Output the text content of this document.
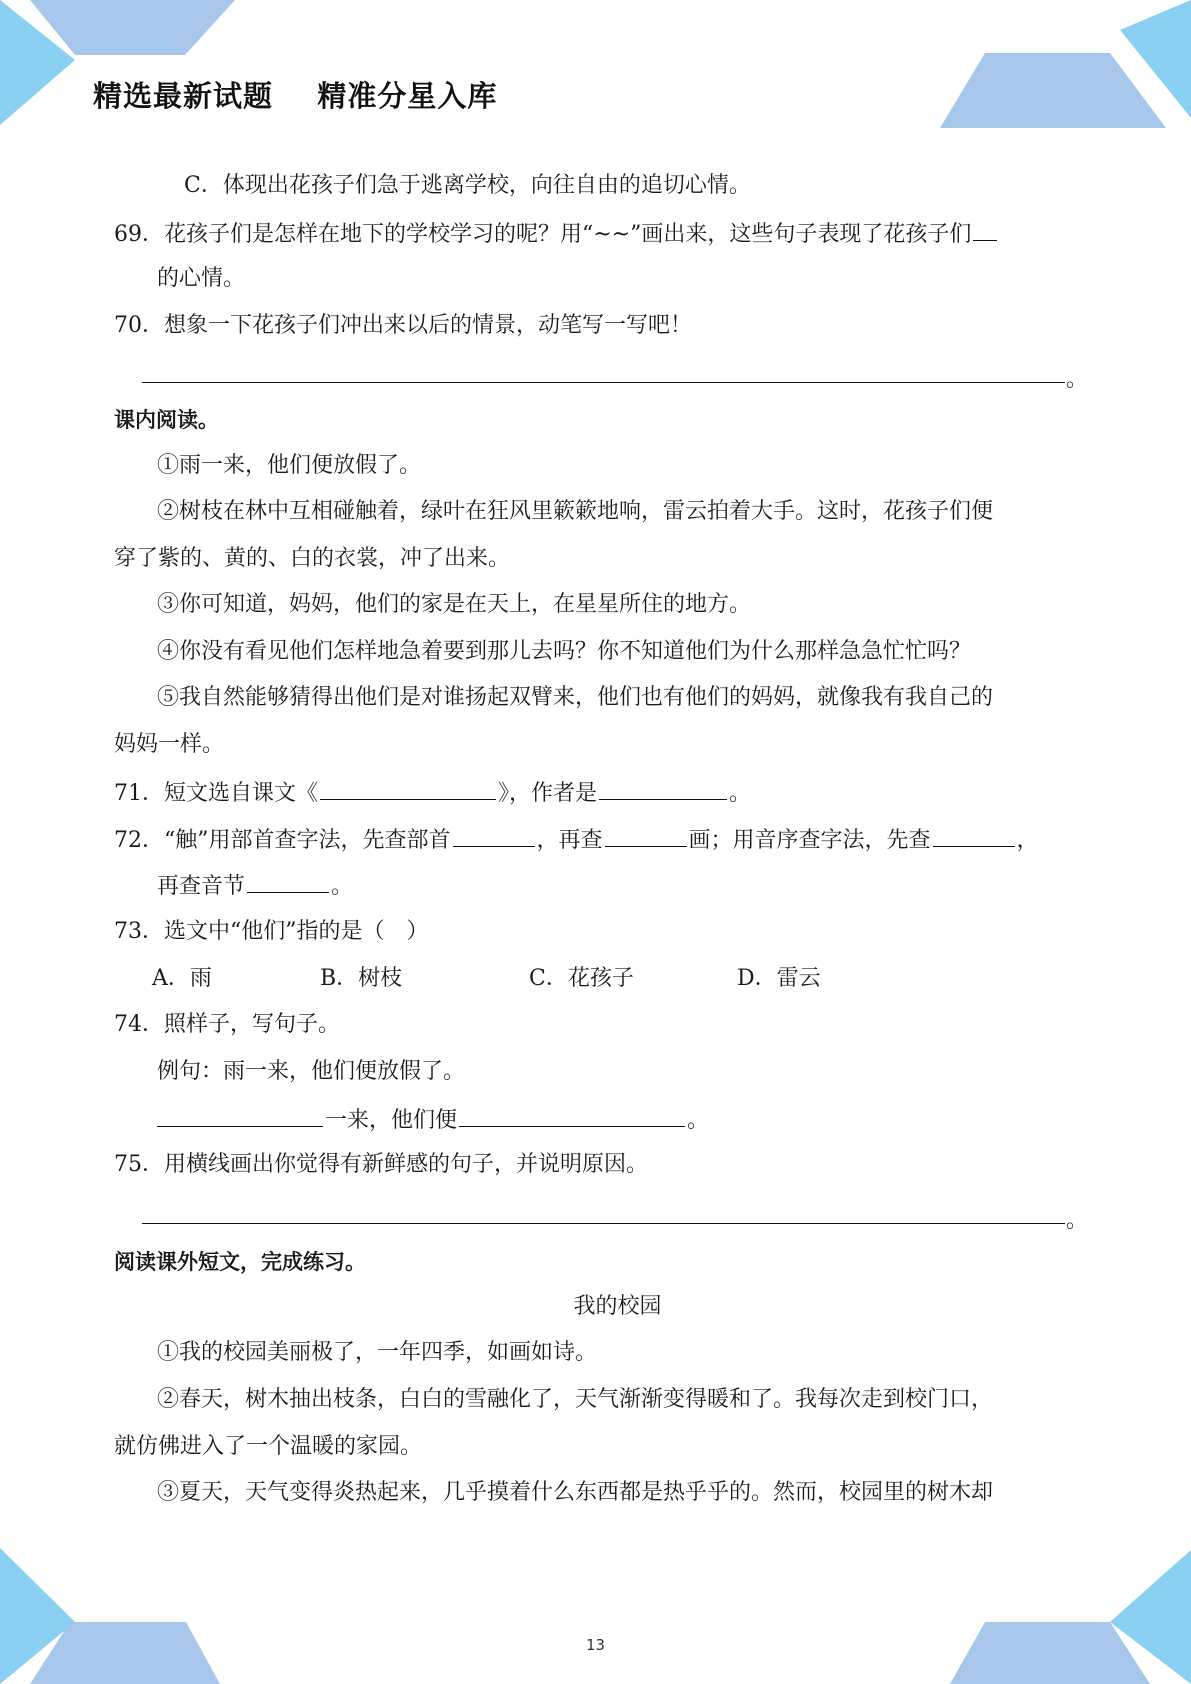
精选最新试题    精准分星入库
C．体现出花孩子们急于逃离学校，向往自由的追切心情。
69．花孩子们是怎样在地下的学校学习的呢？用“~~”画出来，这些句子表现了花孩子们
的心情。
70．想象一下花孩子们冲出来以后的情景，动笔写一写吧！
。
课内阅读。
①雨一来，他们便放假了。
②树枝在林中互相碰触着，绿叶在狂风里簌簌地响，雷云拍着大手。这时，花孩子们便
穿了紫的、黄的、白的衣裳，冲了出来。
③你可知道，妈妈，他们的家是在天上，在星星所住的地方。
④你没有看见他们怎样地急着要到那儿去吗？你不知道他们为什么那样急急忙忙吗？
⑤我自然能够猜得出他们是对谁扬起双臂来，他们也有他们的妈妈，就像我有我自己的
妈妈一样。
71．短文选自课文《	》，作者是	。
72．“触”用部首查字法，先查部首	，再查	画；用音序查字法，先查	，
再查音节	。
73．选文中“他们”指的是（　）
A．雨	B．树枝	C．花孩子	D．雷云
74．照样子，写句子。
例句：雨一来，他们便放假了。
一来，他们便	。
75．用横线画出你觉得有新鲜感的句子，并说明原因。
。
阅读课外短文，完成练习。
我的校园
①我的校园美丽极了，一年四季，如画如诗。
②春天，树木抽出枝条，白白的雪融化了，天气渐渐变得暖和了。我每次走到校门口，
就仿佛进入了一个温暖的家园。
③夏天，天气变得炎热起来，几乎摸着什么东西都是热乎乎的。然而，校园里的树木却
13
